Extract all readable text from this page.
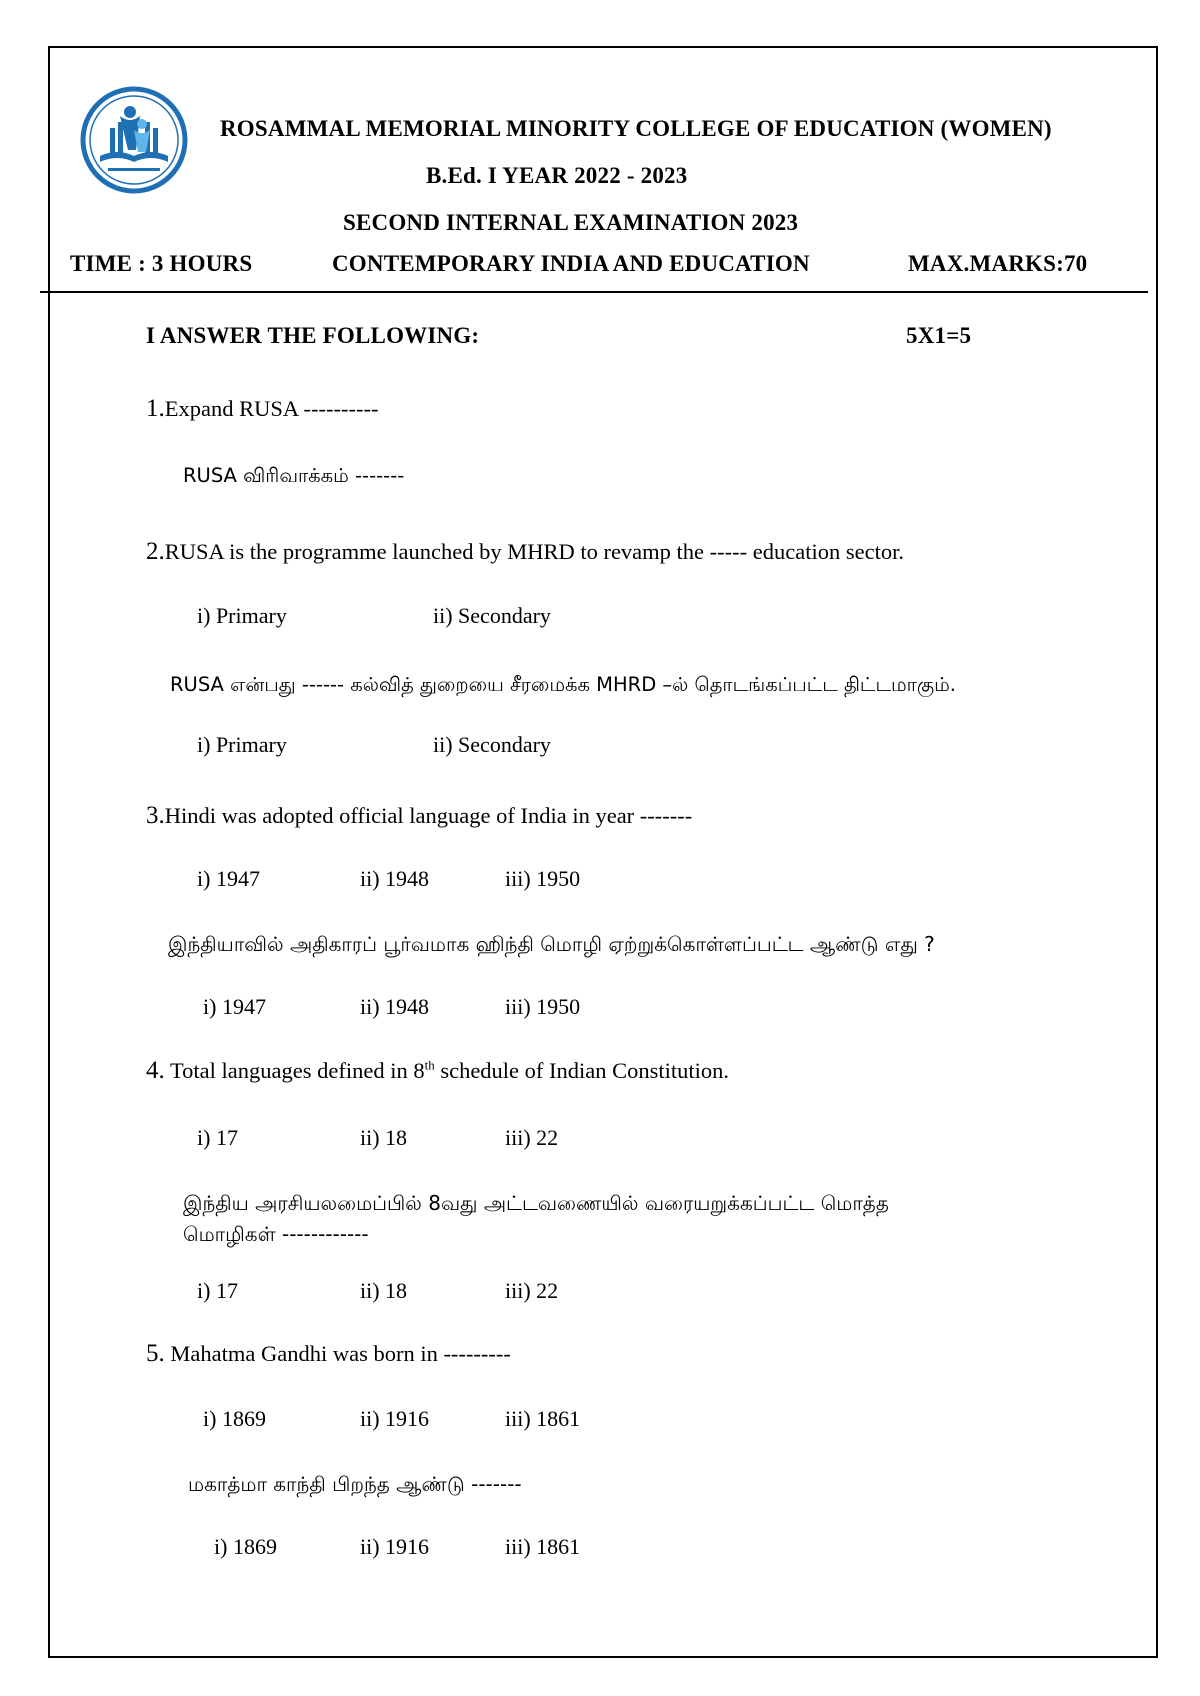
ROSAMMAL MEMORIAL MINORITY COLLEGE OF EDUCATION (WOMEN)
B.Ed. I YEAR 2022 - 2023
SECOND INTERNAL EXAMINATION 2023
TIME : 3 HOURS	CONTEMPORARY INDIA AND EDUCATION	MAX.MARKS:70
I ANSWER THE FOLLOWING:	5X1=5
1.Expand RUSA ----------
RUSA விரிவாக்கம் -------
2.RUSA is the programme launched by MHRD to revamp the ----- education sector.
i) Primary	ii) Secondary
RUSA என்பது ------ கல்வித் துறையை சீரமைக்க MHRD –ல் தொடங்கப்பட்ட திட்டமாகும்.
i) Primary	ii) Secondary
3.Hindi was adopted official language of India in year -------
i) 1947	ii) 1948	iii) 1950
இந்தியாவில் அதிகாரப் பூர்வமாக ஹிந்தி மொழி ஏற்றுக்கொள்ளப்பட்ட ஆண்டு எது ?
i) 1947	ii) 1948	iii) 1950
4. Total languages defined in 8th schedule of Indian Constitution.
i) 17	ii) 18	iii) 22
இந்திய அரசியலமைப்பில் 8வது அட்டவணையில் வரையறுக்கப்பட்ட மொத்த
மொழிகள் ------------
i) 17	ii) 18	iii) 22
5. Mahatma Gandhi was born in ---------
i) 1869	ii) 1916	iii) 1861
மகாத்மா காந்தி பிறந்த ஆண்டு -------
i) 1869	ii) 1916	iii) 1861
